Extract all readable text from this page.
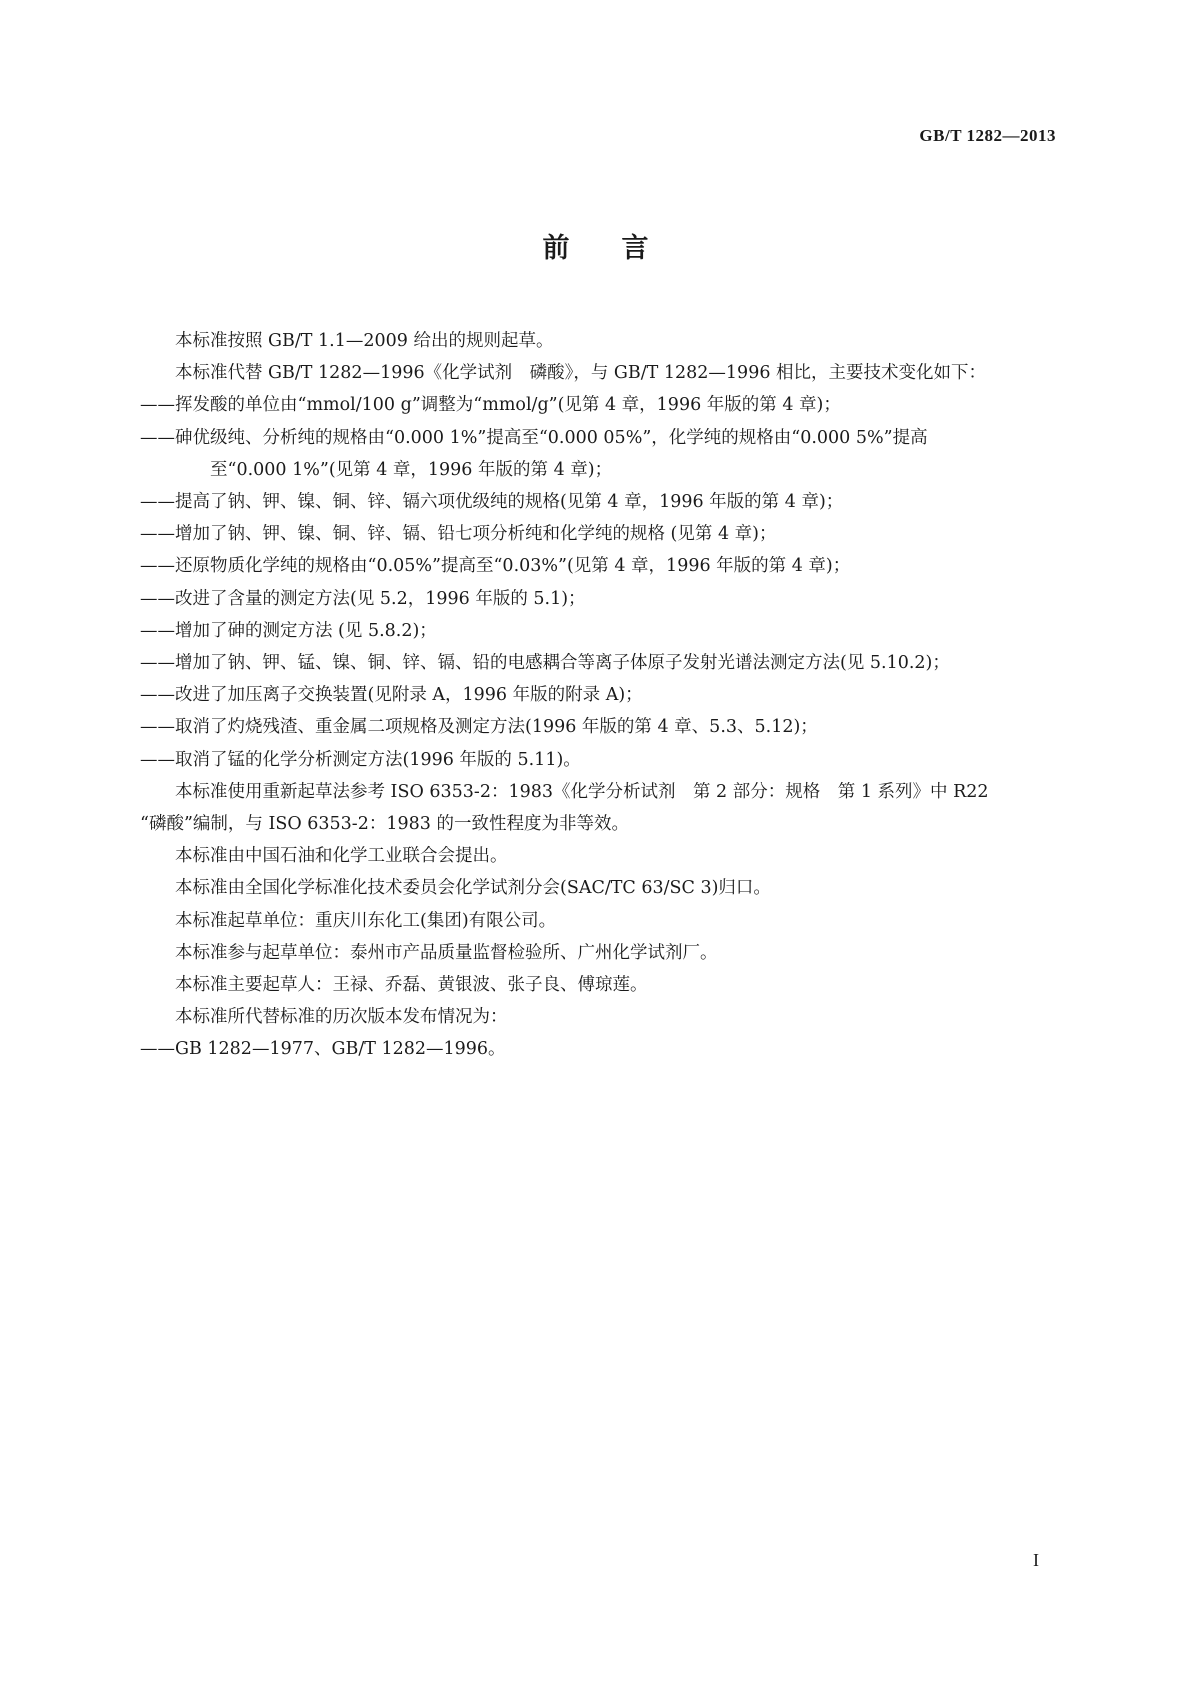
GB/T 1282—2013
前言

本标准按照 GB/T 1.1—2009 给出的规则起草。

本标准代替 GB/T 1282—1996《化学试剂　磷酸》，与 GB/T 1282—1996 相比，主要技术变化如下：

——挥发酸的单位由“mmol/100 g”调整为“mmol/g”(见第 4 章，1996 年版的第 4 章)；

——砷优级纯、分析纯的规格由“0.000 1%”提高至“0.000 05%”，化学纯的规格由“0.000 5%”提高

至“0.000 1%”(见第 4 章，1996 年版的第 4 章)；

——提高了钠、钾、镍、铜、锌、镉六项优级纯的规格(见第 4 章，1996 年版的第 4 章)；

——增加了钠、钾、镍、铜、锌、镉、铅七项分析纯和化学纯的规格 (见第 4 章)；

——还原物质化学纯的规格由“0.05%”提高至“0.03%”(见第 4 章，1996 年版的第 4 章)；

——改进了含量的测定方法(见 5.2，1996 年版的 5.1)；

——增加了砷的测定方法 (见 5.8.2)；

——增加了钠、钾、锰、镍、铜、锌、镉、铅的电感耦合等离子体原子发射光谱法测定方法(见 5.10.2)；

——改进了加压离子交换装置(见附录 A，1996 年版的附录 A)；

——取消了灼烧残渣、重金属二项规格及测定方法(1996 年版的第 4 章、5.3、5.12)；

——取消了锰的化学分析测定方法(1996 年版的 5.11)。

本标准使用重新起草法参考 ISO 6353-2：1983《化学分析试剂　第 2 部分：规格　第 1 系列》中 R22

“磷酸”编制，与 ISO 6353-2：1983 的一致性程度为非等效。

本标准由中国石油和化学工业联合会提出。

本标准由全国化学标准化技术委员会化学试剂分会(SAC/TC 63/SC 3)归口。

本标准起草单位：重庆川东化工(集团)有限公司。

本标准参与起草单位：泰州市产品质量监督检验所、广州化学试剂厂。

本标准主要起草人：王禄、乔磊、黄银波、张子良、傅琼莲。

本标准所代替标准的历次版本发布情况为：

——GB 1282—1977、GB/T 1282—1996。

I
